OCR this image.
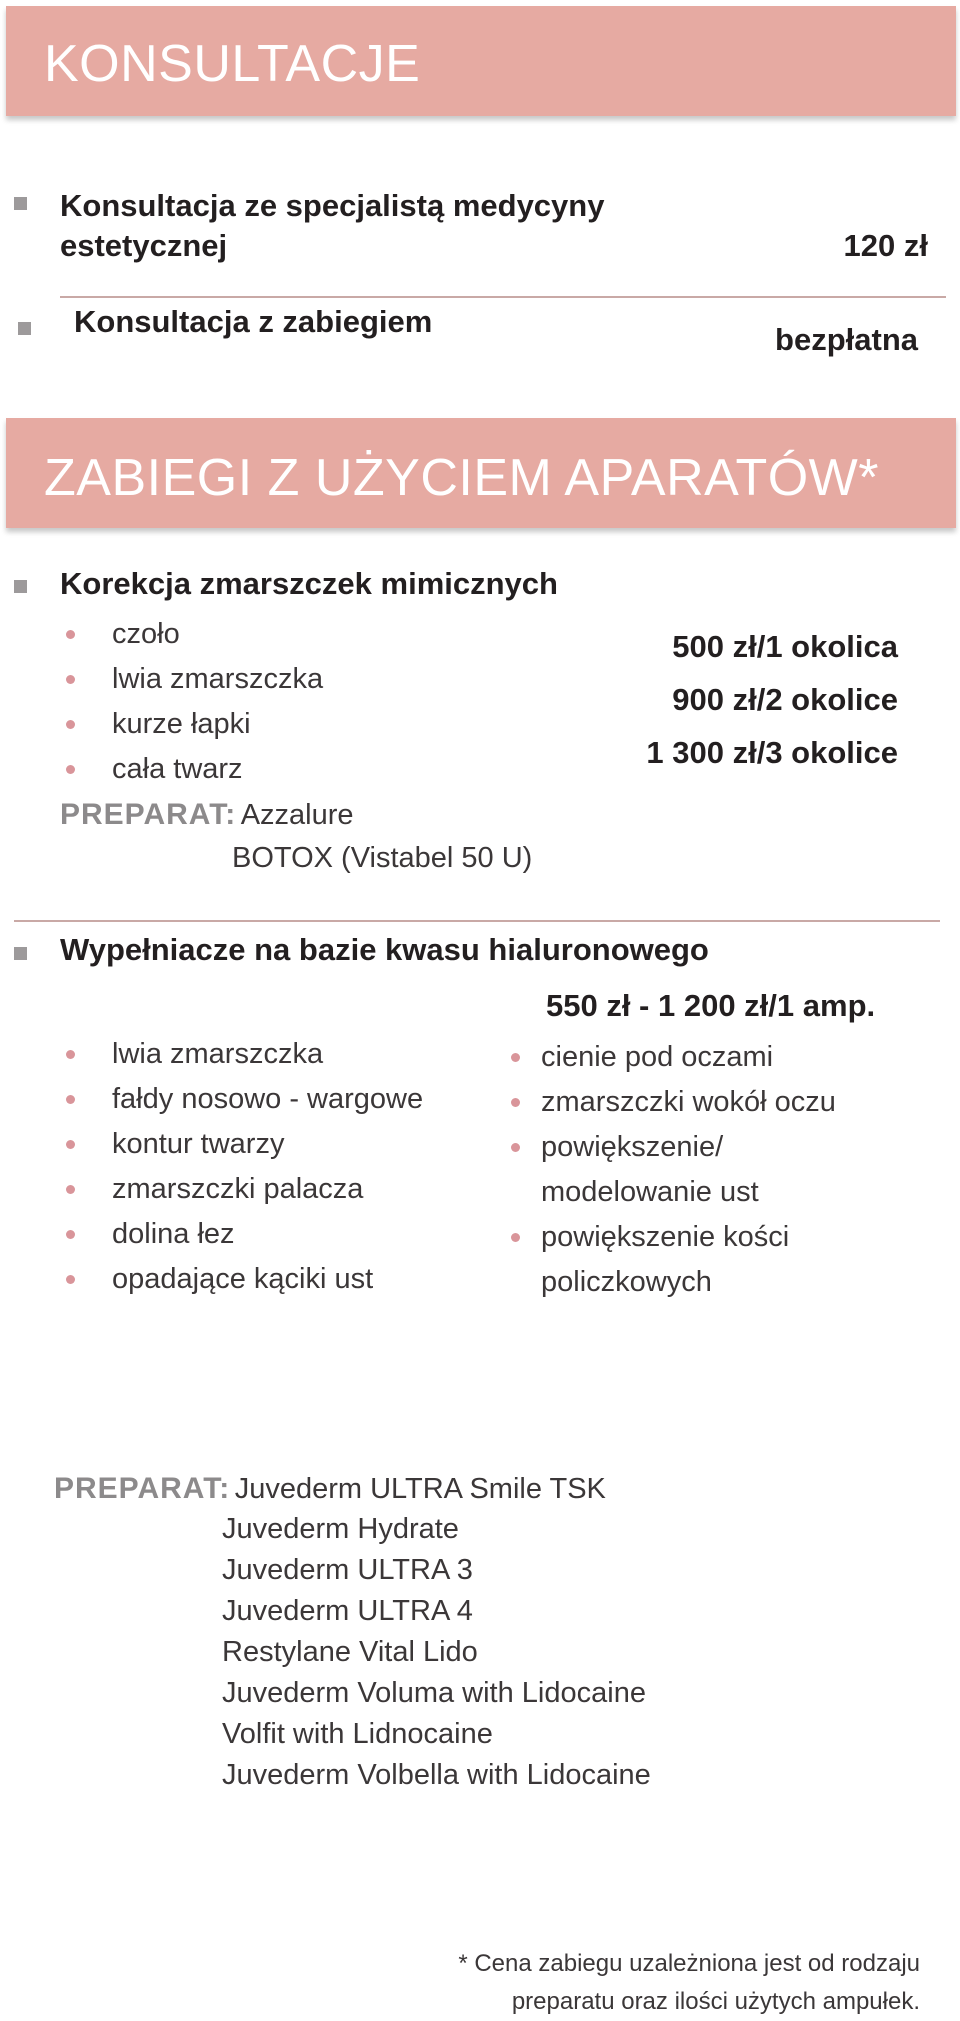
KONSULTACJE
Konsultacja ze specjalistą medycyny
estetycznej	120 zł
Konsultacja z zabiegiem
bezpłatna
ZABIEGI Z UŻYCIEM APARATÓW*
Korekcja zmarszczek mimicznych
czoło
lwia zmarszczka
kurze łapki
cała twarz
500 zł/1 okolica
900 zł/2 okolice
1 300 zł/3 okolice
PREPARAT: Azzalure
BOTOX (Vistabel 50 U)
Wypełniacze na bazie kwasu hialuronowego
550 zł - 1 200 zł/1 amp.
lwia zmarszczka
fałdy nosowo - wargowe
kontur twarzy
zmarszczki palacza
dolina łez
opadające kąciki ust
cienie pod oczami
zmarszczki wokół oczu
powiększenie/
modelowanie ust
powiększenie kości
policzkowych
PREPARAT: Juvederm ULTRA Smile TSK
Juvederm Hydrate
Juvederm ULTRA 3
Juvederm ULTRA 4
Restylane Vital Lido
Juvederm Voluma with Lidocaine
Volfit with Lidnocaine
Juvederm Volbella with Lidocaine
* Cena zabiegu uzależniona jest od rodzaju
preparatu oraz ilości użytych ampułek.
